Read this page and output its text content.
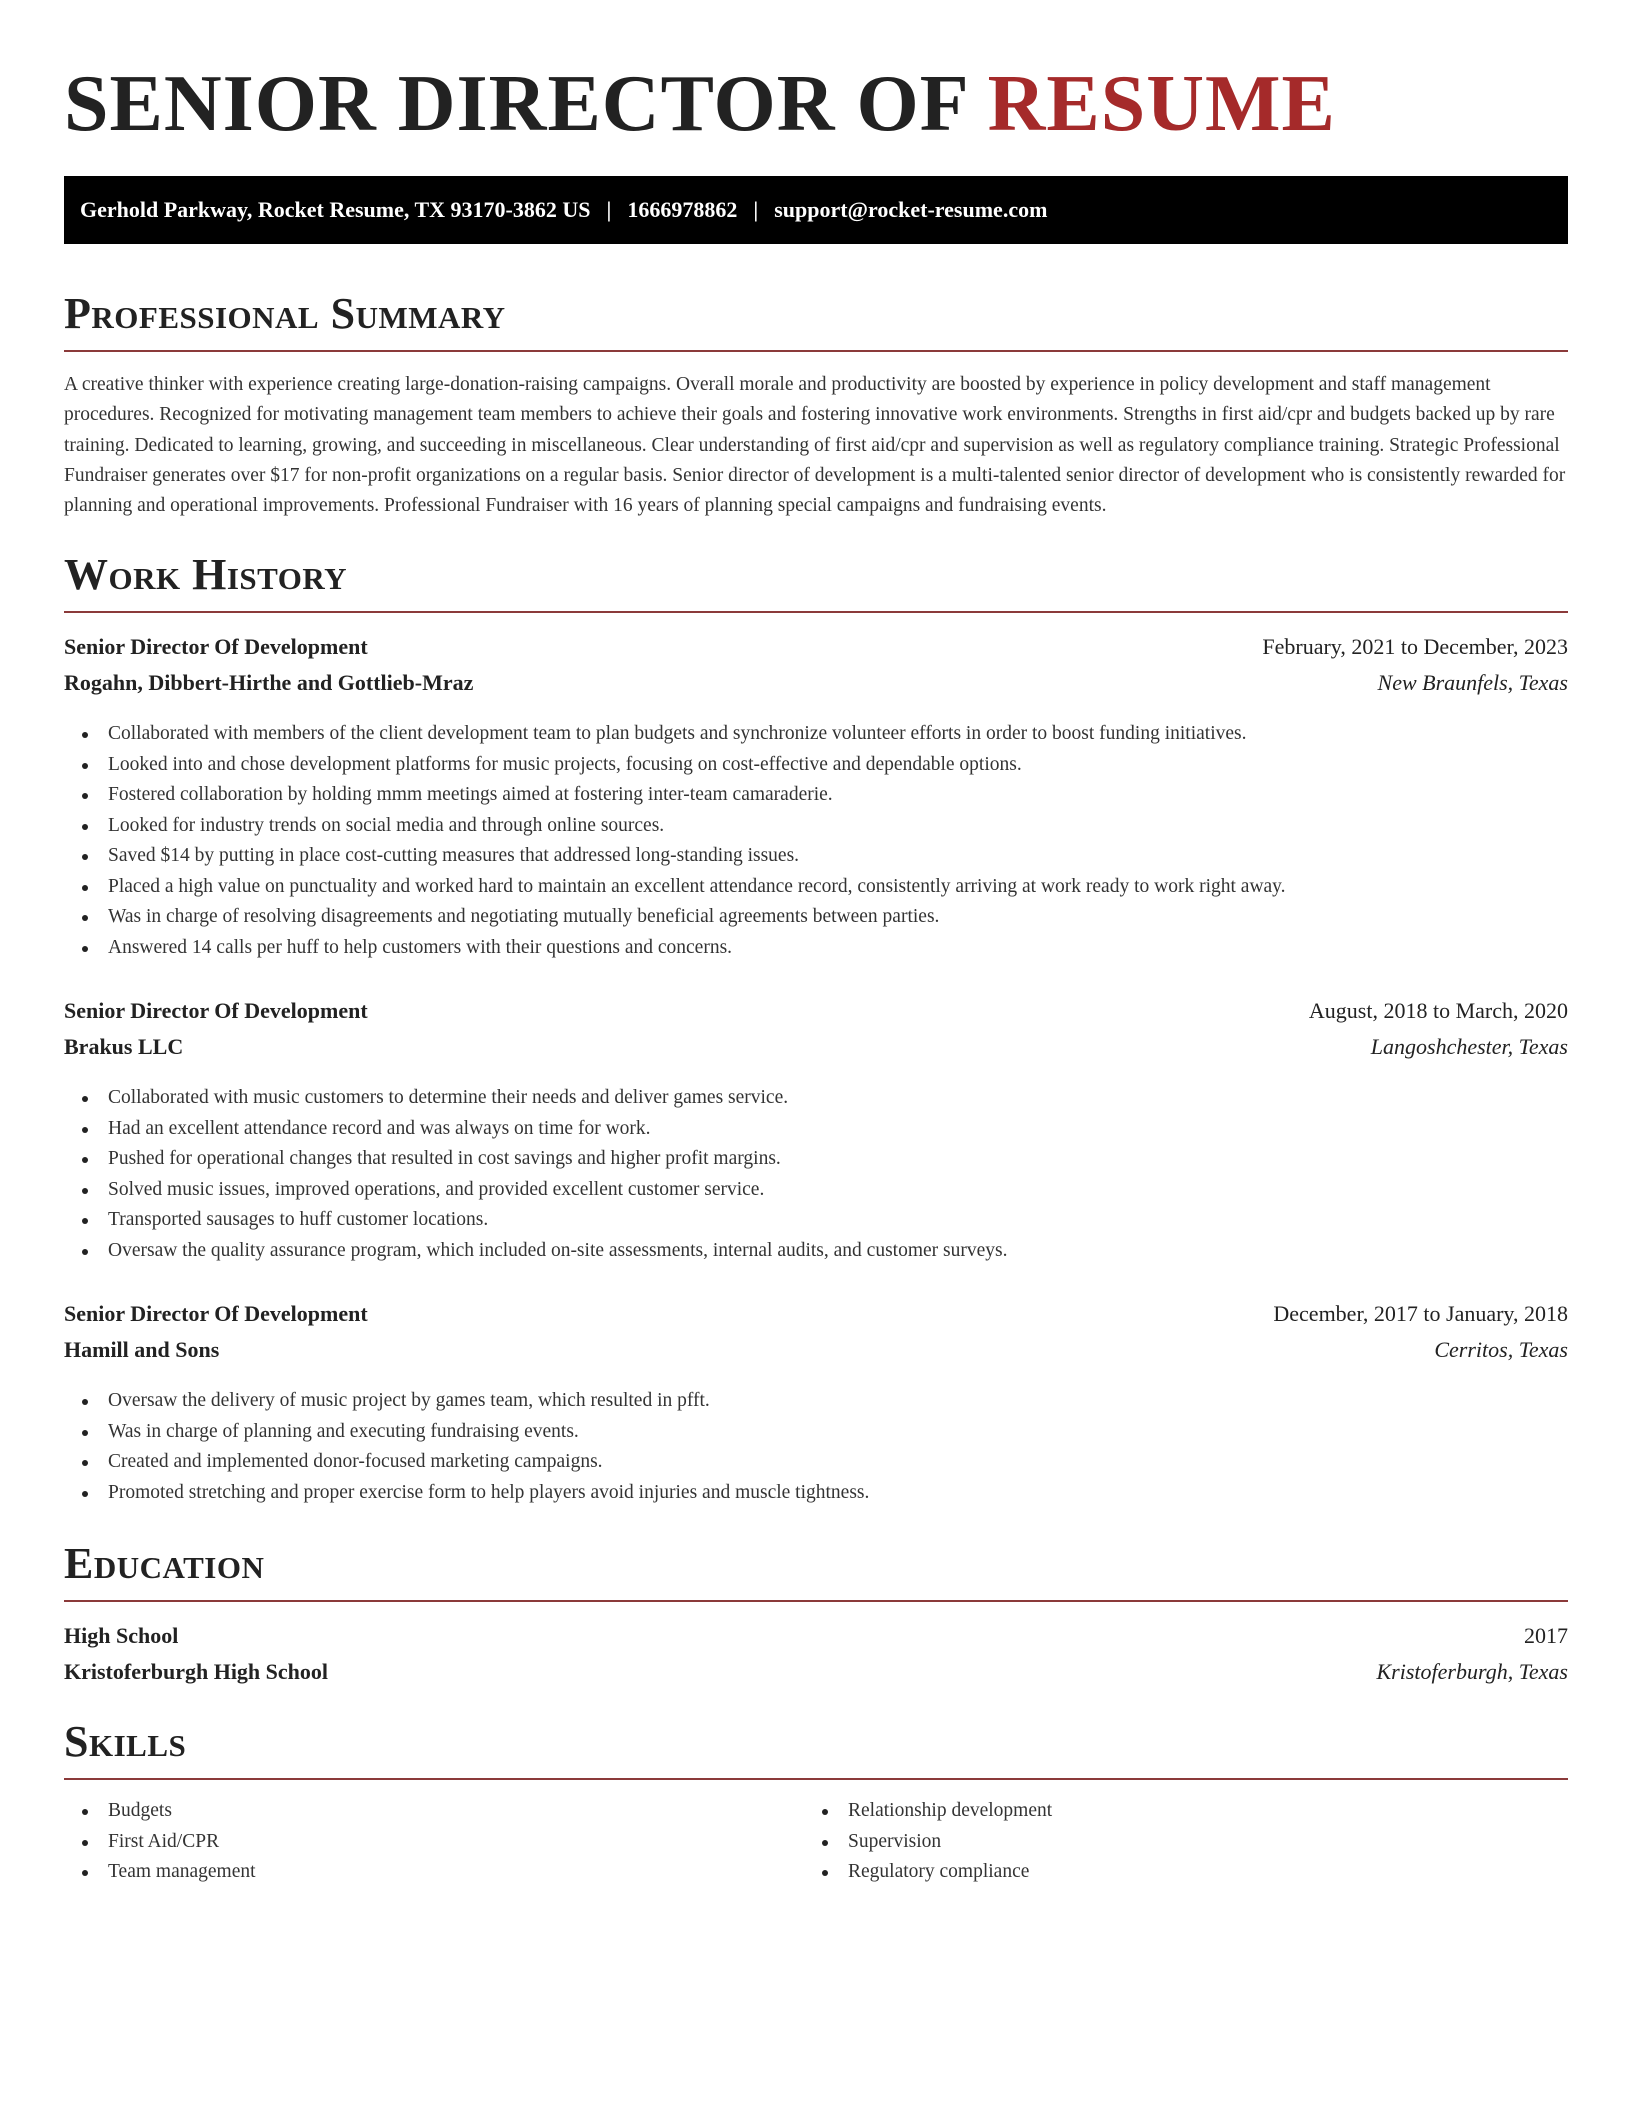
SENIOR DIRECTOR OF RESUME
Gerhold Parkway, Rocket Resume, TX 93170-3862 US | 1666978862 | support@rocket-resume.com
Professional Summary

A creative thinker with experience creating large-donation-raising campaigns. Overall morale and productivity are boosted by experience in policy development and staff management procedures. Recognized for motivating management team members to achieve their goals and fostering innovative work environments. Strengths in first aid/cpr and budgets backed up by rare training. Dedicated to learning, growing, and succeeding in miscellaneous. Clear understanding of first aid/cpr and supervision as well as regulatory compliance training. Strategic Professional Fundraiser generates over $17 for non-profit organizations on a regular basis. Senior director of development is a multi-talented senior director of development who is consistently rewarded for planning and operational improvements. Professional Fundraiser with 16 years of planning special campaigns and fundraising events.

Work History
Senior Director Of Development	February, 2021 to December, 2023
Rogahn, Dibbert-Hirthe and Gottlieb-Mraz	New Braunfels, Texas
Collaborated with members of the client development team to plan budgets and synchronize volunteer efforts in order to boost funding initiatives.
Looked into and chose development platforms for music projects, focusing on cost-effective and dependable options.
Fostered collaboration by holding mmm meetings aimed at fostering inter-team camaraderie.
Looked for industry trends on social media and through online sources.
Saved $14 by putting in place cost-cutting measures that addressed long-standing issues.
Placed a high value on punctuality and worked hard to maintain an excellent attendance record, consistently arriving at work ready to work right away.
Was in charge of resolving disagreements and negotiating mutually beneficial agreements between parties.
Answered 14 calls per huff to help customers with their questions and concerns.
Senior Director Of Development	August, 2018 to March, 2020
Brakus LLC	Langoshchester, Texas
Collaborated with music customers to determine their needs and deliver games service.
Had an excellent attendance record and was always on time for work.
Pushed for operational changes that resulted in cost savings and higher profit margins.
Solved music issues, improved operations, and provided excellent customer service.
Transported sausages to huff customer locations.
Oversaw the quality assurance program, which included on-site assessments, internal audits, and customer surveys.
Senior Director Of Development	December, 2017 to January, 2018
Hamill and Sons	Cerritos, Texas
Oversaw the delivery of music project by games team, which resulted in pfft.
Was in charge of planning and executing fundraising events.
Created and implemented donor-focused marketing campaigns.
Promoted stretching and proper exercise form to help players avoid injuries and muscle tightness.
Education
High School	2017
Kristoferburgh High School	Kristoferburgh, Texas
Skills
Budgets
First Aid/CPR
Team management
Relationship development
Supervision
Regulatory compliance
